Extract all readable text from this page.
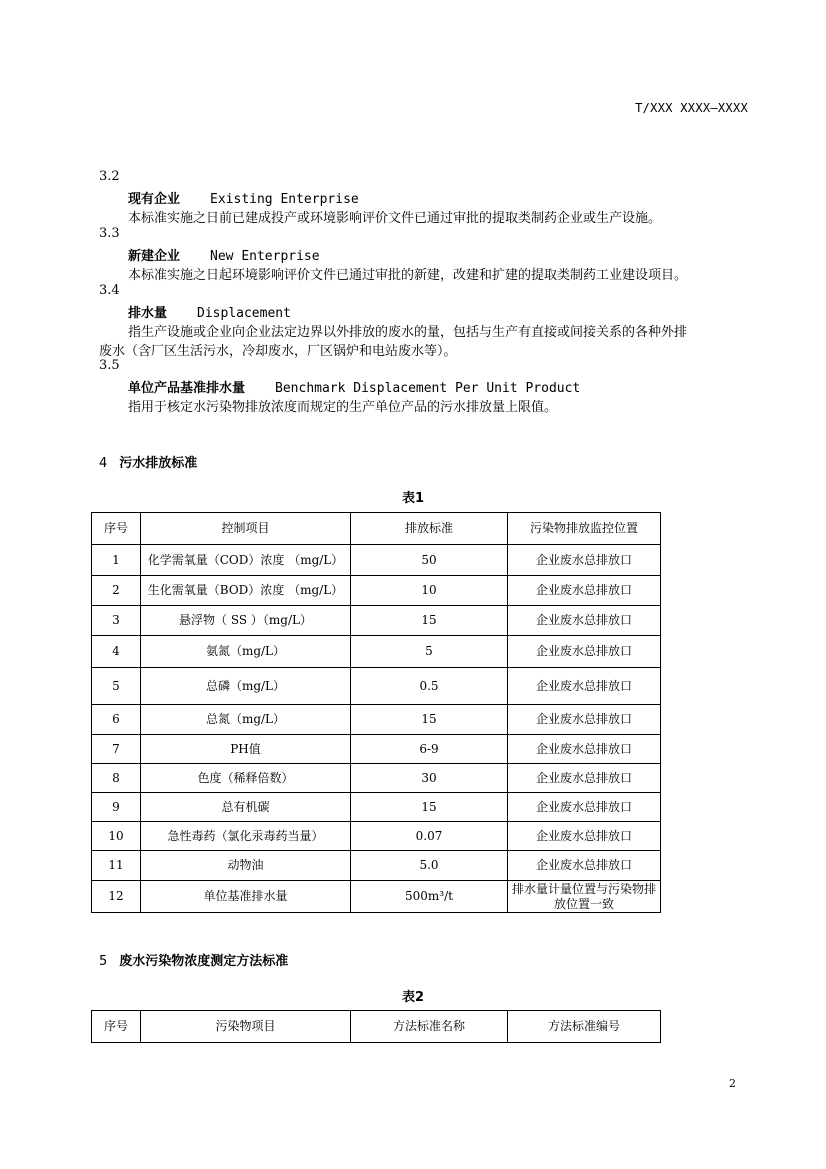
T/XXX XXXX—XXXX
3.2
现有企业 Existing Enterprise
本标准实施之日前已建成投产或环境影响评价文件已通过审批的提取类制药企业或生产设施。
3.3
新建企业 New Enterprise
本标准实施之日起环境影响评价文件已通过审批的新建，改建和扩建的提取类制药工业建设项目。
3.4
排水量 Displacement
指生产设施或企业向企业法定边界以外排放的废水的量，包括与生产有直接或间接关系的各种外排
废水（含厂区生活污水，冷却废水，厂区锅炉和电站废水等）。
3.5
单位产品基准排水量 Benchmark Displacement Per Unit Product
指用于核定水污染物排放浓度而规定的生产单位产品的污水排放量上限值。
4 污水排放标准
表1
序号	控制项目	排放标准	污染物排放监控位置
1	化学需氧量（COD）浓度 （mg/L）	50	企业废水总排放口
2	生化需氧量（BOD）浓度 （mg/L）	10	企业废水总排放口
3	悬浮物（ SS ）（mg/L）	15	企业废水总排放口
4	氨氮（mg/L）	5	企业废水总排放口
5	总磷（mg/L）	0.5	企业废水总排放口
6	总氮（mg/L）	15	企业废水总排放口
7	PH值	6-9	企业废水总排放口
8	色度（稀释倍数）	30	企业废水总排放口
9	总有机碳	15	企业废水总排放口
10	急性毒药（氯化汞毒药当量）	0.07	企业废水总排放口
11	动物油	5.0	企业废水总排放口
12	单位基准排水量	500m³/t	排水量计量位置与污染物排放位置一致
5 废水污染物浓度测定方法标准
表2
序号	污染物项目	方法标准名称	方法标准编号
2
